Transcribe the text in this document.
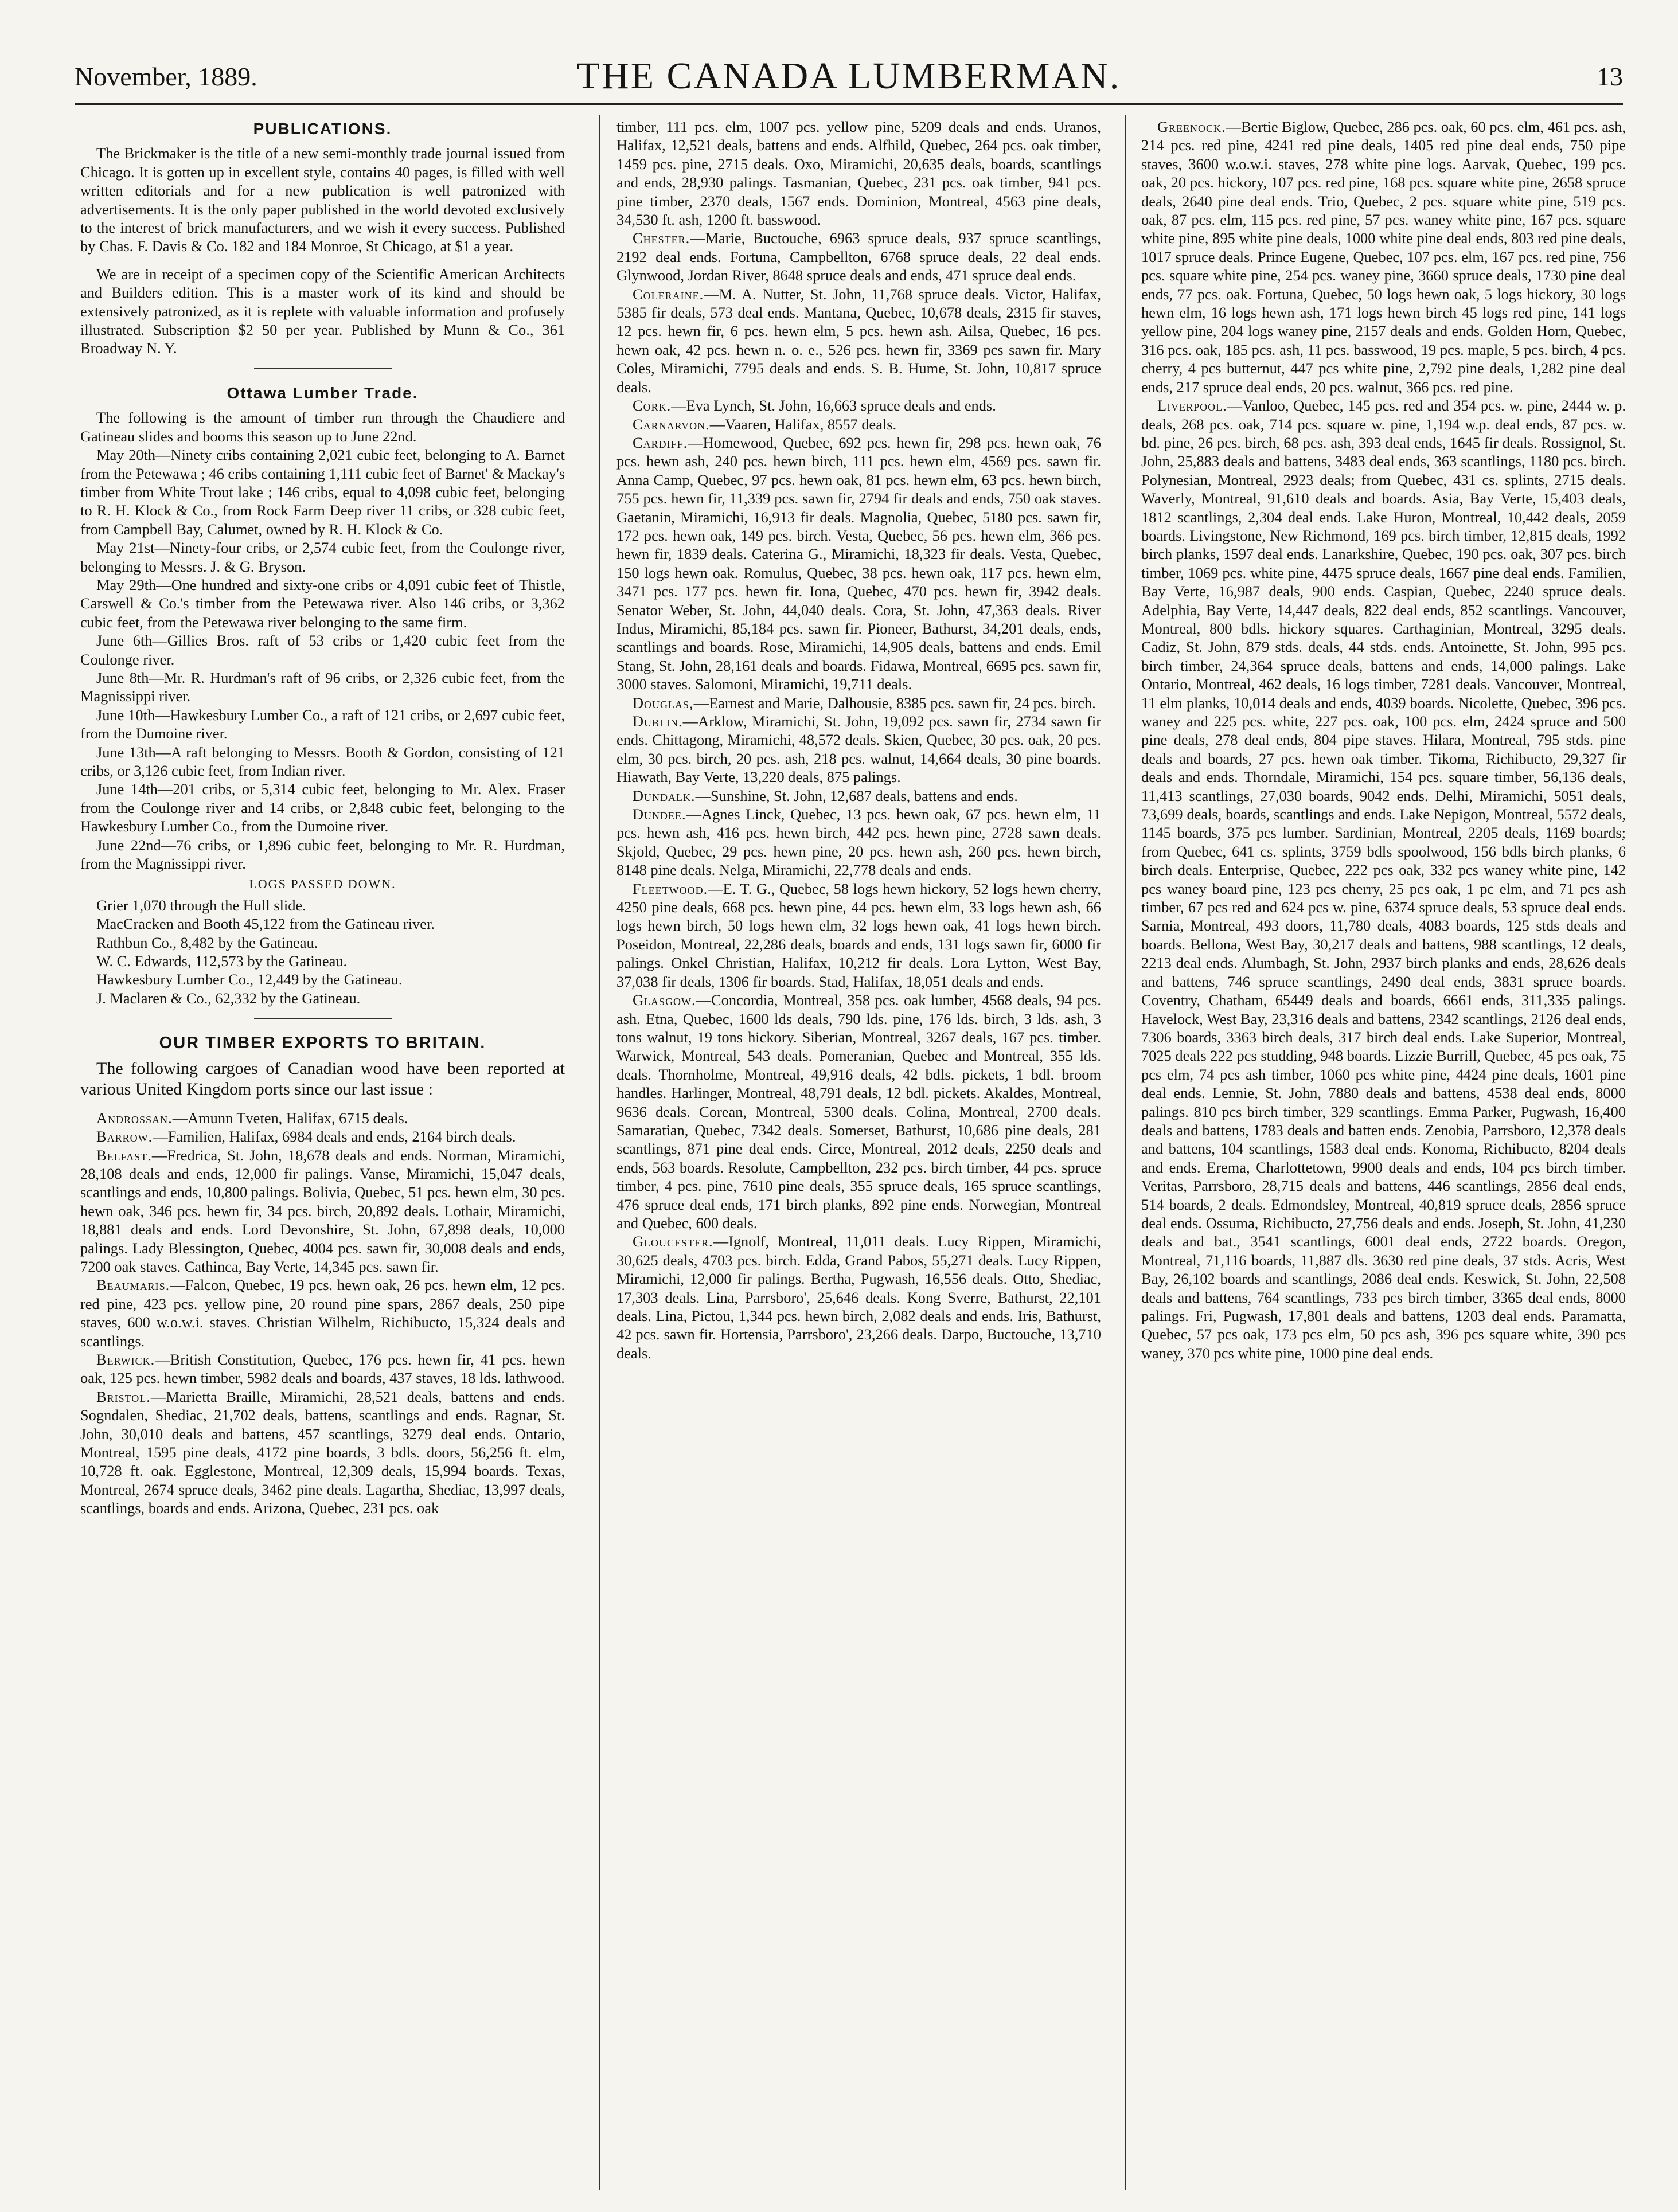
November, 1889.	THE CANADA LUMBERMAN.	13
PUBLICATIONS.

The Brickmaker is the title of a new semi-monthly trade journal issued from Chicago. It is gotten up in excellent style, contains 40 pages, is filled with well written editorials and for a new publication is well patronized with advertisements. It is the only paper published in the world devoted exclusively to the interest of brick manufacturers, and we wish it every success. Published by Chas. F. Davis & Co. 182 and 184 Monroe, St Chicago, at $1 a year.

We are in receipt of a specimen copy of the Scientific American Architects and Builders edition. This is a master work of its kind and should be extensively patronized, as it is replete with valuable information and profusely illustrated. Subscription $2 50 per year. Published by Munn & Co., 361 Broadway N. Y.

Ottawa Lumber Trade.

The following is the amount of timber run through the Chaudiere and Gatineau slides and booms this season up to June 22nd.

May 20th—Ninety cribs containing 2,021 cubic feet, belonging to A. Barnet from the Petewawa ; 46 cribs containing 1,111 cubic feet of Barnet' & Mackay's timber from White Trout lake ; 146 cribs, equal to 4,098 cubic feet, belonging to R. H. Klock & Co., from Rock Farm Deep river 11 cribs, or 328 cubic feet, from Campbell Bay, Calumet, owned by R. H. Klock & Co.

May 21st—Ninety-four cribs, or 2,574 cubic feet, from the Coulonge river, belonging to Messrs. J. & G. Bryson.

May 29th—One hundred and sixty-one cribs or 4,091 cubic feet of Thistle, Carswell & Co.'s timber from the Petewawa river. Also 146 cribs, or 3,362 cubic feet, from the Petewawa river belonging to the same firm.

June 6th—Gillies Bros. raft of 53 cribs or 1,420 cubic feet from the Coulonge river.

June 8th—Mr. R. Hurdman's raft of 96 cribs, or 2,326 cubic feet, from the Magnissippi river.

June 10th—Hawkesbury Lumber Co., a raft of 121 cribs, or 2,697 cubic feet, from the Dumoine river.

June 13th—A raft belonging to Messrs. Booth & Gordon, consisting of 121 cribs, or 3,126 cubic feet, from Indian river.

June 14th—201 cribs, or 5,314 cubic feet, belonging to Mr. Alex. Fraser from the Coulonge river and 14 cribs, or 2,848 cubic feet, belonging to the Hawkesbury Lumber Co., from the Dumoine river.

June 22nd—76 cribs, or 1,896 cubic feet, belonging to Mr. R. Hurdman, from the Magnissippi river.

LOGS PASSED DOWN.

Grier 1,070 through the Hull slide.

MacCracken and Booth 45,122 from the Gatineau river.

Rathbun Co., 8,482 by the Gatineau.

W. C. Edwards, 112,573 by the Gatineau.

Hawkesbury Lumber Co., 12,449 by the Gatineau.

J. Maclaren & Co., 62,332 by the Gatineau.

OUR TIMBER EXPORTS TO BRITAIN.

The following cargoes of Canadian wood have been reported at various United Kingdom ports since our last issue :

Androssan.—Amunn Tveten, Halifax, 6715 deals.

Barrow.—Familien, Halifax, 6984 deals and ends, 2164 birch deals.

Belfast.—Fredrica, St. John, 18,678 deals and ends. Norman, Miramichi, 28,108 deals and ends, 12,000 fir palings. Vanse, Miramichi, 15,047 deals, scantlings and ends, 10,800 palings. Bolivia, Quebec, 51 pcs. hewn elm, 30 pcs. hewn oak, 346 pcs. hewn fir, 34 pcs. birch, 20,892 deals. Lothair, Miramichi, 18,881 deals and ends. Lord Devonshire, St. John, 67,898 deals, 10,000 palings. Lady Blessington, Quebec, 4004 pcs. sawn fir, 30,008 deals and ends, 7200 oak staves. Cathinca, Bay Verte, 14,345 pcs. sawn fir.

Beaumaris.—Falcon, Quebec, 19 pcs. hewn oak, 26 pcs. hewn elm, 12 pcs. red pine, 423 pcs. yellow pine, 20 round pine spars, 2867 deals, 250 pipe staves, 600 w.o.w.i. staves. Christian Wilhelm, Richibucto, 15,324 deals and scantlings.

Berwick.—British Constitution, Quebec, 176 pcs. hewn fir, 41 pcs. hewn oak, 125 pcs. hewn timber, 5982 deals and boards, 437 staves, 18 lds. lathwood.

Bristol.—Marietta Braille, Miramichi, 28,521 deals, battens and ends. Sogndalen, Shediac, 21,702 deals, battens, scantlings and ends. Ragnar, St. John, 30,010 deals and battens, 457 scantlings, 3279 deal ends. Ontario, Montreal, 1595 pine deals, 4172 pine boards, 3 bdls. doors, 56,256 ft. elm, 10,728 ft. oak. Egglestone, Montreal, 12,309 deals, 15,994 boards. Texas, Montreal, 2674 spruce deals, 3462 pine deals. Lagartha, Shediac, 13,997 deals, scantlings, boards and ends. Arizona, Quebec, 231 pcs. oak

timber, 111 pcs. elm, 1007 pcs. yellow pine, 5209 deals and ends. Uranos, Halifax, 12,521 deals, battens and ends. Alfhild, Quebec, 264 pcs. oak timber, 1459 pcs. pine, 2715 deals. Oxo, Miramichi, 20,635 deals, boards, scantlings and ends, 28,930 palings. Tasmanian, Quebec, 231 pcs. oak timber, 941 pcs. pine timber, 2370 deals, 1567 ends. Dominion, Montreal, 4563 pine deals, 34,530 ft. ash, 1200 ft. basswood.

Chester.—Marie, Buctouche, 6963 spruce deals, 937 spruce scantlings, 2192 deal ends. Fortuna, Campbellton, 6768 spruce deals, 22 deal ends. Glynwood, Jordan River, 8648 spruce deals and ends, 471 spruce deal ends.

Coleraine.—M. A. Nutter, St. John, 11,768 spruce deals. Victor, Halifax, 5385 fir deals, 573 deal ends. Mantana, Quebec, 10,678 deals, 2315 fir staves, 12 pcs. hewn fir, 6 pcs. hewn elm, 5 pcs. hewn ash. Ailsa, Quebec, 16 pcs. hewn oak, 42 pcs. hewn n. o. e., 526 pcs. hewn fir, 3369 pcs sawn fir. Mary Coles, Miramichi, 7795 deals and ends. S. B. Hume, St. John, 10,817 spruce deals.

Cork.—Eva Lynch, St. John, 16,663 spruce deals and ends.

Carnarvon.—Vaaren, Halifax, 8557 deals.

Cardiff.—Homewood, Quebec, 692 pcs. hewn fir, 298 pcs. hewn oak, 76 pcs. hewn ash, 240 pcs. hewn birch, 111 pcs. hewn elm, 4569 pcs. sawn fir. Anna Camp, Quebec, 97 pcs. hewn oak, 81 pcs. hewn elm, 63 pcs. hewn birch, 755 pcs. hewn fir, 11,339 pcs. sawn fir, 2794 fir deals and ends, 750 oak staves. Gaetanin, Miramichi, 16,913 fir deals. Magnolia, Quebec, 5180 pcs. sawn fir, 172 pcs. hewn oak, 149 pcs. birch. Vesta, Quebec, 56 pcs. hewn elm, 366 pcs. hewn fir, 1839 deals. Caterina G., Miramichi, 18,323 fir deals. Vesta, Quebec, 150 logs hewn oak. Romulus, Quebec, 38 pcs. hewn oak, 117 pcs. hewn elm, 3471 pcs. 177 pcs. hewn fir. Iona, Quebec, 470 pcs. hewn fir, 3942 deals. Senator Weber, St. John, 44,040 deals. Cora, St. John, 47,363 deals. River Indus, Miramichi, 85,184 pcs. sawn fir. Pioneer, Bathurst, 34,201 deals, ends, scantlings and boards. Rose, Miramichi, 14,905 deals, battens and ends. Emil Stang, St. John, 28,161 deals and boards. Fidawa, Montreal, 6695 pcs. sawn fir, 3000 staves. Salomoni, Miramichi, 19,711 deals.

Douglas,—Earnest and Marie, Dalhousie, 8385 pcs. sawn fir, 24 pcs. birch.

Dublin.—Arklow, Miramichi, St. John, 19,092 pcs. sawn fir, 2734 sawn fir ends. Chittagong, Miramichi, 48,572 deals. Skien, Quebec, 30 pcs. oak, 20 pcs. elm, 30 pcs. birch, 20 pcs. ash, 218 pcs. walnut, 14,664 deals, 30 pine boards. Hiawath, Bay Verte, 13,220 deals, 875 palings.

Dundalk.—Sunshine, St. John, 12,687 deals, battens and ends.

Dundee.—Agnes Linck, Quebec, 13 pcs. hewn oak, 67 pcs. hewn elm, 11 pcs. hewn ash, 416 pcs. hewn birch, 442 pcs. hewn pine, 2728 sawn deals. Skjold, Quebec, 29 pcs. hewn pine, 20 pcs. hewn ash, 260 pcs. hewn birch, 8148 pine deals. Nelga, Miramichi, 22,778 deals and ends.

Fleetwood.—E. T. G., Quebec, 58 logs hewn hickory, 52 logs hewn cherry, 4250 pine deals, 668 pcs. hewn pine, 44 pcs. hewn elm, 33 logs hewn ash, 66 logs hewn birch, 50 logs hewn elm, 32 logs hewn oak, 41 logs hewn birch. Poseidon, Montreal, 22,286 deals, boards and ends, 131 logs sawn fir, 6000 fir palings. Onkel Christian, Halifax, 10,212 fir deals. Lora Lytton, West Bay, 37,038 fir deals, 1306 fir boards. Stad, Halifax, 18,051 deals and ends.

Glasgow.—Concordia, Montreal, 358 pcs. oak lumber, 4568 deals, 94 pcs. ash. Etna, Quebec, 1600 lds deals, 790 lds. pine, 176 lds. birch, 3 lds. ash, 3 tons walnut, 19 tons hickory. Siberian, Montreal, 3267 deals, 167 pcs. timber. Warwick, Montreal, 543 deals. Pomeranian, Quebec and Montreal, 355 lds. deals. Thornholme, Montreal, 49,916 deals, 42 bdls. pickets, 1 bdl. broom handles. Harlinger, Montreal, 48,791 deals, 12 bdl. pickets. Akaldes, Montreal, 9636 deals. Corean, Montreal, 5300 deals. Colina, Montreal, 2700 deals. Samaratian, Quebec, 7342 deals. Somerset, Bathurst, 10,686 pine deals, 281 scantlings, 871 pine deal ends. Circe, Montreal, 2012 deals, 2250 deals and ends, 563 boards. Resolute, Campbellton, 232 pcs. birch timber, 44 pcs. spruce timber, 4 pcs. pine, 7610 pine deals, 355 spruce deals, 165 spruce scantlings, 476 spruce deal ends, 171 birch planks, 892 pine ends. Norwegian, Montreal and Quebec, 600 deals.

Gloucester.—Ignolf, Montreal, 11,011 deals. Lucy Rippen, Miramichi, 30,625 deals, 4703 pcs. birch. Edda, Grand Pabos, 55,271 deals. Lucy Rippen, Miramichi, 12,000 fir palings. Bertha, Pugwash, 16,556 deals. Otto, Shediac, 17,303 deals. Lina, Parrsboro', 25,646 deals. Kong Sverre, Bathurst, 22,101 deals. Lina, Pictou, 1,344 pcs. hewn birch, 2,082 deals and ends. Iris, Bathurst, 42 pcs. sawn fir. Hortensia, Parrsboro', 23,266 deals. Darpo, Buctouche, 13,710 deals.

Greenock.—Bertie Biglow, Quebec, 286 pcs. oak, 60 pcs. elm, 461 pcs. ash, 214 pcs. red pine, 4241 red pine deals, 1405 red pine deal ends, 750 pipe staves, 3600 w.o.w.i. staves, 278 white pine logs. Aarvak, Quebec, 199 pcs. oak, 20 pcs. hickory, 107 pcs. red pine, 168 pcs. square white pine, 2658 spruce deals, 2640 pine deal ends. Trio, Quebec, 2 pcs. square white pine, 519 pcs. oak, 87 pcs. elm, 115 pcs. red pine, 57 pcs. waney white pine, 167 pcs. square white pine, 895 white pine deals, 1000 white pine deal ends, 803 red pine deals, 1017 spruce deals. Prince Eugene, Quebec, 107 pcs. elm, 167 pcs. red pine, 756 pcs. square white pine, 254 pcs. waney pine, 3660 spruce deals, 1730 pine deal ends, 77 pcs. oak. Fortuna, Quebec, 50 logs hewn oak, 5 logs hickory, 30 logs hewn elm, 16 logs hewn ash, 171 logs hewn birch 45 logs red pine, 141 logs yellow pine, 204 logs waney pine, 2157 deals and ends. Golden Horn, Quebec, 316 pcs. oak, 185 pcs. ash, 11 pcs. basswood, 19 pcs. maple, 5 pcs. birch, 4 pcs. cherry, 4 pcs butternut, 447 pcs white pine, 2,792 pine deals, 1,282 pine deal ends, 217 spruce deal ends, 20 pcs. walnut, 366 pcs. red pine.

Liverpool.—Vanloo, Quebec, 145 pcs. red and 354 pcs. w. pine, 2444 w. p. deals, 268 pcs. oak, 714 pcs. square w. pine, 1,194 w.p. deal ends, 87 pcs. w. bd. pine, 26 pcs. birch, 68 pcs. ash, 393 deal ends, 1645 fir deals. Rossignol, St. John, 25,883 deals and battens, 3483 deal ends, 363 scantlings, 1180 pcs. birch. Polynesian, Montreal, 2923 deals; from Quebec, 431 cs. splints, 2715 deals. Waverly, Montreal, 91,610 deals and boards. Asia, Bay Verte, 15,403 deals, 1812 scantlings, 2,304 deal ends. Lake Huron, Montreal, 10,442 deals, 2059 boards. Livingstone, New Richmond, 169 pcs. birch timber, 12,815 deals, 1992 birch planks, 1597 deal ends. Lanarkshire, Quebec, 190 pcs. oak, 307 pcs. birch timber, 1069 pcs. white pine, 4475 spruce deals, 1667 pine deal ends. Familien, Bay Verte, 16,987 deals, 900 ends. Caspian, Quebec, 2240 spruce deals. Adelphia, Bay Verte, 14,447 deals, 822 deal ends, 852 scantlings. Vancouver, Montreal, 800 bdls. hickory squares. Carthaginian, Montreal, 3295 deals. Cadiz, St. John, 879 stds. deals, 44 stds. ends. Antoinette, St. John, 995 pcs. birch timber, 24,364 spruce deals, battens and ends, 14,000 palings. Lake Ontario, Montreal, 462 deals, 16 logs timber, 7281 deals. Vancouver, Montreal, 11 elm planks, 10,014 deals and ends, 4039 boards. Nicolette, Quebec, 396 pcs. waney and 225 pcs. white, 227 pcs. oak, 100 pcs. elm, 2424 spruce and 500 pine deals, 278 deal ends, 804 pipe staves. Hilara, Montreal, 795 stds. pine deals and boards, 27 pcs. hewn oak timber. Tikoma, Richibucto, 29,327 fir deals and ends. Thorndale, Miramichi, 154 pcs. square timber, 56,136 deals, 11,413 scantlings, 27,030 boards, 9042 ends. Delhi, Miramichi, 5051 deals, 73,699 deals, boards, scantlings and ends. Lake Nepigon, Montreal, 5572 deals, 1145 boards, 375 pcs lumber. Sardinian, Montreal, 2205 deals, 1169 boards; from Quebec, 641 cs. splints, 3759 bdls spoolwood, 156 bdls birch planks, 6 birch deals. Enterprise, Quebec, 222 pcs oak, 332 pcs waney white pine, 142 pcs waney board pine, 123 pcs cherry, 25 pcs oak, 1 pc elm, and 71 pcs ash timber, 67 pcs red and 624 pcs w. pine, 6374 spruce deals, 53 spruce deal ends. Sarnia, Montreal, 493 doors, 11,780 deals, 4083 boards, 125 stds deals and boards. Bellona, West Bay, 30,217 deals and battens, 988 scantlings, 12 deals, 2213 deal ends. Alumbagh, St. John, 2937 birch planks and ends, 28,626 deals and battens, 746 spruce scantlings, 2490 deal ends, 3831 spruce boards. Coventry, Chatham, 65449 deals and boards, 6661 ends, 311,335 palings. Havelock, West Bay, 23,316 deals and battens, 2342 scantlings, 2126 deal ends, 7306 boards, 3363 birch deals, 317 birch deal ends. Lake Superior, Montreal, 7025 deals 222 pcs studding, 948 boards. Lizzie Burrill, Quebec, 45 pcs oak, 75 pcs elm, 74 pcs ash timber, 1060 pcs white pine, 4424 pine deals, 1601 pine deal ends. Lennie, St. John, 7880 deals and battens, 4538 deal ends, 8000 palings. 810 pcs birch timber, 329 scantlings. Emma Parker, Pugwash, 16,400 deals and battens, 1783 deals and batten ends. Zenobia, Parrsboro, 12,378 deals and battens, 104 scantlings, 1583 deal ends. Konoma, Richibucto, 8204 deals and ends. Erema, Charlottetown, 9900 deals and ends, 104 pcs birch timber. Veritas, Parrsboro, 28,715 deals and battens, 446 scantlings, 2856 deal ends, 514 boards, 2 deals. Edmondsley, Montreal, 40,819 spruce deals, 2856 spruce deal ends. Ossuma, Richibucto, 27,756 deals and ends. Joseph, St. John, 41,230 deals and bat., 3541 scantlings, 6001 deal ends, 2722 boards. Oregon, Montreal, 71,116 boards, 11,887 dls. 3630 red pine deals, 37 stds. Acris, West Bay, 26,102 boards and scantlings, 2086 deal ends. Keswick, St. John, 22,508 deals and battens, 764 scantlings, 733 pcs birch timber, 3365 deal ends, 8000 palings. Fri, Pugwash, 17,801 deals and battens, 1203 deal ends. Paramatta, Quebec, 57 pcs oak, 173 pcs elm, 50 pcs ash, 396 pcs square white, 390 pcs waney, 370 pcs white pine, 1000 pine deal ends.
